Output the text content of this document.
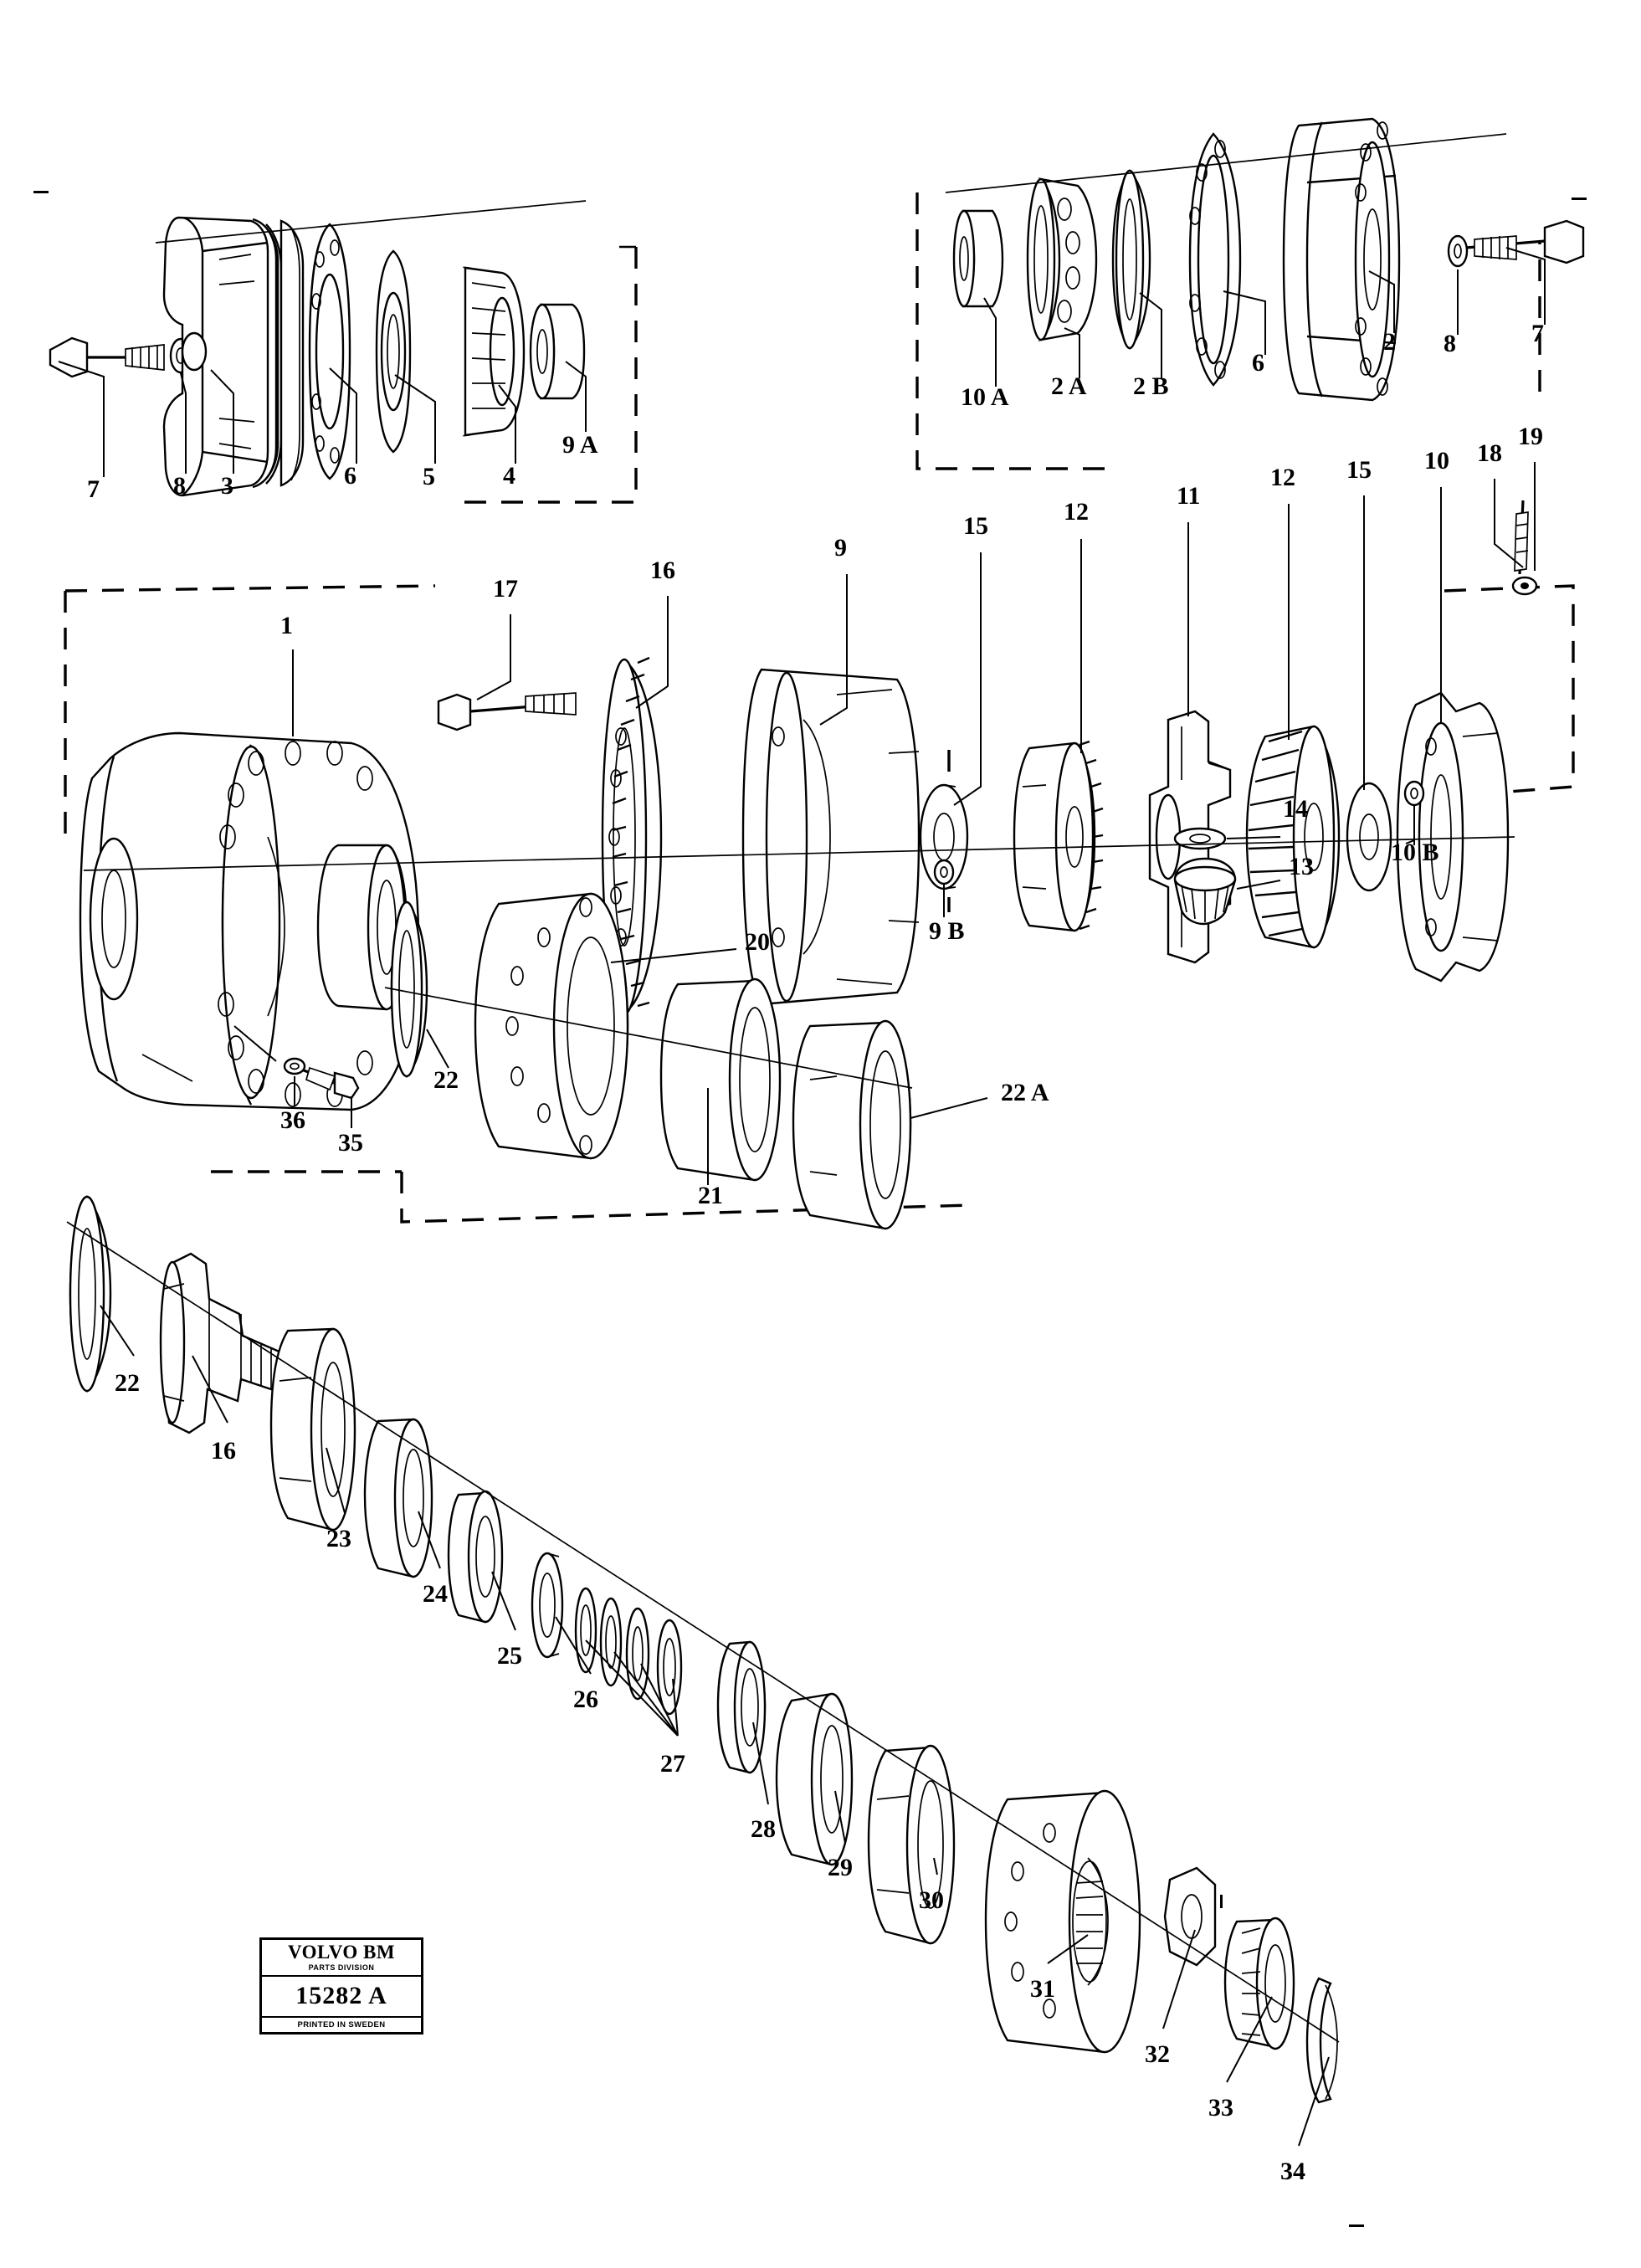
7	8 3	6	5	4
9 A
10 A 2 A 2 B
6
2 8	7
17
16
9
15
12
11
12 15 10 18
19
1
14
13
10 B
9 B
20
22
36
35
21
22 A
22
16
23
24
25
26
27
28
29
30
31
32
33
34
VOLVO BM
PARTS DIVISION
15282 A
PRINTED IN SWEDEN
